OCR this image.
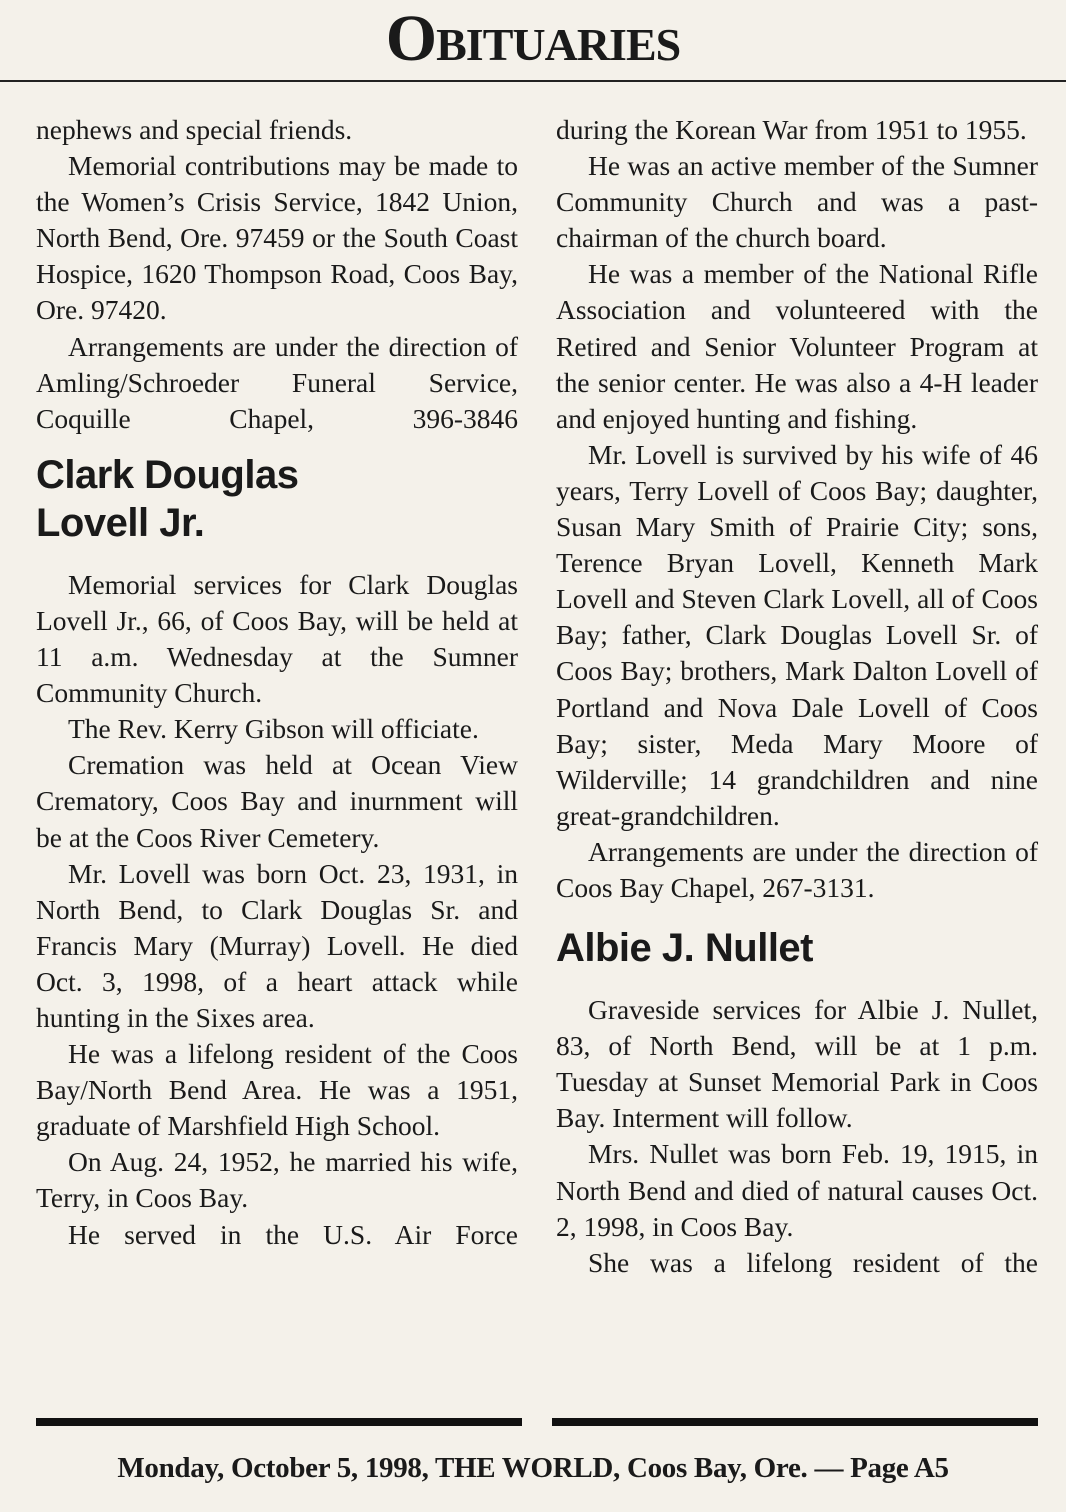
Obituaries

nephews and special friends.

Memorial contributions may be made to the Women’s Crisis Service, 1842 Union, North Bend, Ore. 97459 or the South Coast Hospice, 1620 Thompson Road, Coos Bay, Ore. 97420.

Arrangements are under the direction of Amling/Schroeder Funeral Service, Coquille Chapel, 396-3846

Clark Douglas
Lovell Jr.

Memorial services for Clark Douglas Lovell Jr., 66, of Coos Bay, will be held at 11 a.m. Wednesday at the Sumner Community Church.

The Rev. Kerry Gibson will officiate.

Cremation was held at Ocean View Crematory, Coos Bay and inurnment will be at the Coos River Cemetery.

Mr. Lovell was born Oct. 23, 1931, in North Bend, to Clark Douglas Sr. and Francis Mary (Murray) Lovell. He died Oct. 3, 1998, of a heart attack while hunting in the Sixes area.

He was a lifelong resident of the Coos Bay/North Bend Area. He was a 1951, graduate of Marshfield High School.

On Aug. 24, 1952, he married his wife, Terry, in Coos Bay.

He served in the U.S. Air Force

during the Korean War from 1951 to 1955.

He was an active member of the Sumner Community Church and was a past-chairman of the church board.

He was a member of the National Rifle Association and volunteered with the Retired and Senior Volunteer Program at the senior center. He was also a 4-H leader and enjoyed hunting and fishing.

Mr. Lovell is survived by his wife of 46 years, Terry Lovell of Coos Bay; daughter, Susan Mary Smith of Prairie City; sons, Terence Bryan Lovell, Kenneth Mark Lovell and Steven Clark Lovell, all of Coos Bay; father, Clark Douglas Lovell Sr. of Coos Bay; brothers, Mark Dalton Lovell of Portland and Nova Dale Lovell of Coos Bay; sister, Meda Mary Moore of Wilderville; 14 grandchildren and nine great-grandchildren.

Arrangements are under the direction of Coos Bay Chapel, 267-3131.

Albie J. Nullet

Graveside services for Albie J. Nullet, 83, of North Bend, will be at 1 p.m. Tuesday at Sunset Memorial Park in Coos Bay. Interment will follow.

Mrs. Nullet was born Feb. 19, 1915, in North Bend and died of natural causes Oct. 2, 1998, in Coos Bay.

She was a lifelong resident of the

Monday, October 5, 1998, THE WORLD, Coos Bay, Ore. — Page A5
